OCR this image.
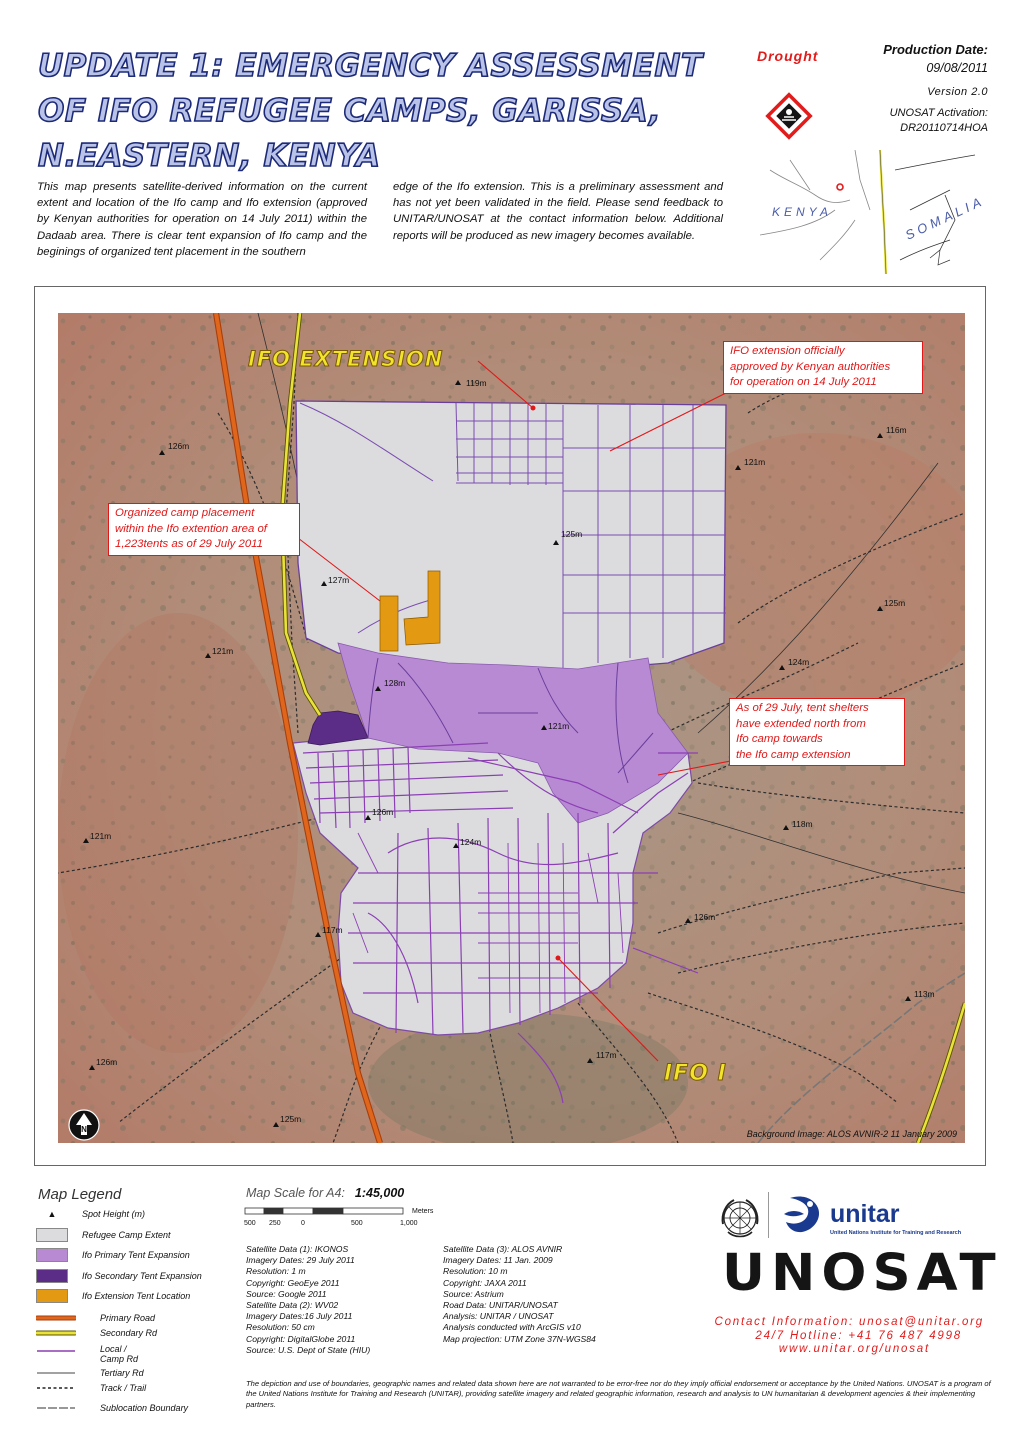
UPDATE 1: EMERGENCY ASSESSMENT
OF IFO REFUGEE CAMPS, GARISSA,
N.EASTERN, KENYA
Drought	Production Date:
09/08/2011
Version 2.0
UNOSAT Activation:
DR20110714HOA
KENYA	SOMALIA

This map presents satellite-derived information on the current extent and location of the Ifo camp and Ifo extension (approved by Kenyan authorities for operation on 14 July 2011) within the Dadaab area. There is clear tent expansion of Ifo camp and the beginings of organized tent placement in the southern

edge of the Ifo extension. This is a preliminary assessment and has not yet been validated in the field. Please send feedback to UNITAR/UNOSAT at the contact information below. Additional reports will be produced as new imagery becomes available.

119m
126m
116m
121m
125m
127m
125m
121m
124m
128m
121m
126m
121m
124m
118m
117m
126m
113m
126m
117m
125m
IFO EXTENSION
IFO I
IFO extension officially
approved by Kenyan authorities
for operation on 14 July 2011
Organized camp placement
within the Ifo extention area of
1,223tents as of 29 July 2011
As of 29 July, tent shelters
have extended north from
Ifo camp towards
the Ifo camp extension
N	Background Image: ALOS AVNIR-2 11 January 2009
Map Legend
▲	Spot Height (m)
Refugee Camp Extent
Ifo Primary Tent Expansion
Ifo Secondary Tent Expansion
Ifo Extension Tent Location
Primary Road
Secondary Rd
Local /
Camp Rd
Tertiary Rd
Track / Trail
Sublocation Boundary
Map Scale for A4: 1:45,000
500 250	0	500	1,000
Meters
Satellite Data (1): IKONOS
Imagery Dates: 29 July 2011
Resolution: 1 m
Copyright: GeoEye 2011
Source: Google 2011
Satellite Data (2): WV02
Imagery Dates:16 July 2011
Resolution: 50 cm
Copyright: DigitalGlobe 2011
Source: U.S. Dept of State (HIU)
Satellite Data (3): ALOS AVNIR
Imagery Dates: 11 Jan. 2009
Resolution: 10 m
Copyright: JAXA 2011
Source: Astrium
Road Data: UNITAR/UNOSAT
Analysis: UNITAR / UNOSAT
Analysis conducted with ArcGIS v10
Map projection: UTM Zone 37N-WGS84
The depiction and use of boundaries, geographic names and related data shown here are not warranted to be error-free nor do they imply official endorsement or acceptance by the United Nations. UNOSAT is a program of the United Nations Institute for Training and Research (UNITAR), providing satellite imagery and related geographic information, research and analysis to UN humanitarian & development agencies & their implementing partners.
unitar
United Nations Institute for Training and Research
UNOSAT
Contact Information: unosat@unitar.org
24/7 Hotline: +41 76 487 4998
www.unitar.org/unosat
